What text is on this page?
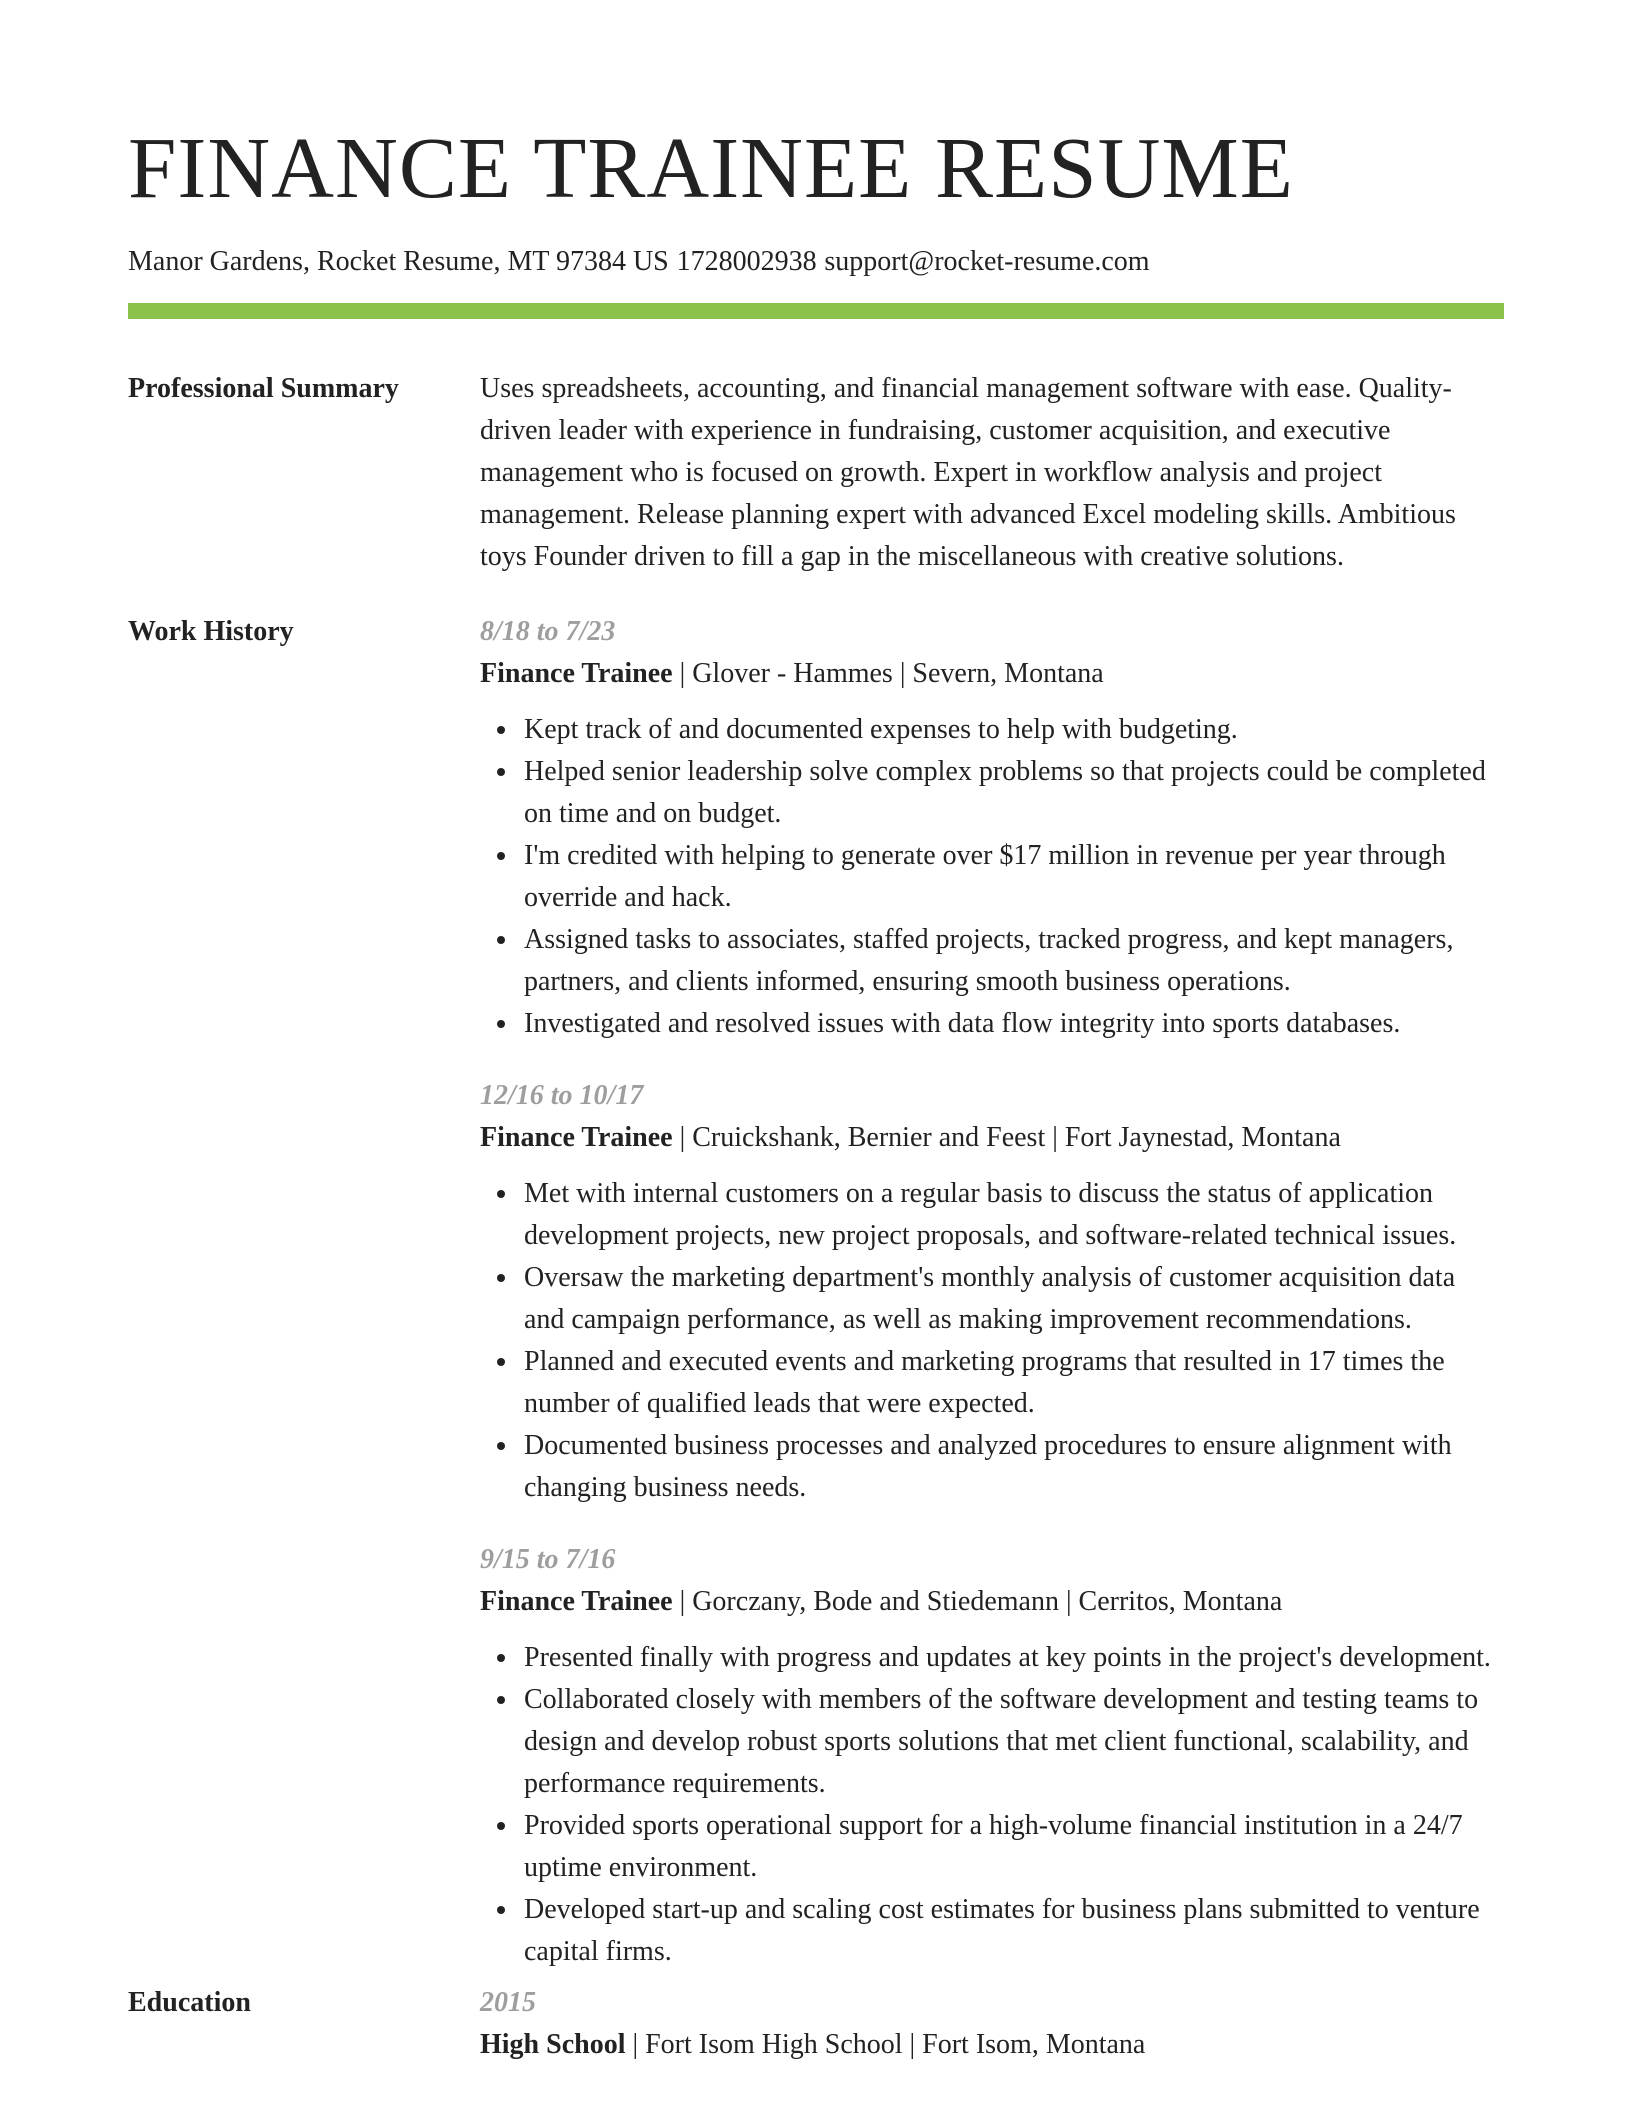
FINANCE TRAINEE RESUME
Manor Gardens, Rocket Resume, MT 97384 US 1728002938 support@rocket-resume.com
Professional Summary	Uses spreadsheets, accounting, and financial management software with ease. Quality-driven leader with experience in fundraising, customer acquisition, and executive management who is focused on growth. Expert in workflow analysis and project management. Release planning expert with advanced Excel modeling skills. Ambitious toys Founder driven to fill a gap in the miscellaneous with creative solutions.
Work History	8/18 to 7/23
Finance Trainee | Glover - Hammes | Severn, Montana
Kept track of and documented expenses to help with budgeting.
Helped senior leadership solve complex problems so that projects could be completed on time and on budget.
I'm credited with helping to generate over $17 million in revenue per year through override and hack.
Assigned tasks to associates, staffed projects, tracked progress, and kept managers, partners, and clients informed, ensuring smooth business operations.
Investigated and resolved issues with data flow integrity into sports databases.
12/16 to 10/17
Finance Trainee | Cruickshank, Bernier and Feest | Fort Jaynestad, Montana
Met with internal customers on a regular basis to discuss the status of application development projects, new project proposals, and software-related technical issues.
Oversaw the marketing department's monthly analysis of customer acquisition data and campaign performance, as well as making improvement recommendations.
Planned and executed events and marketing programs that resulted in 17 times the number of qualified leads that were expected.
Documented business processes and analyzed procedures to ensure alignment with changing business needs.
9/15 to 7/16
Finance Trainee | Gorczany, Bode and Stiedemann | Cerritos, Montana
Presented finally with progress and updates at key points in the project's development.
Collaborated closely with members of the software development and testing teams to design and develop robust sports solutions that met client functional, scalability, and performance requirements.
Provided sports operational support for a high-volume financial institution in a 24/7 uptime environment.
Developed start-up and scaling cost estimates for business plans submitted to venture capital firms.
Education	2015
High School | Fort Isom High School | Fort Isom, Montana
